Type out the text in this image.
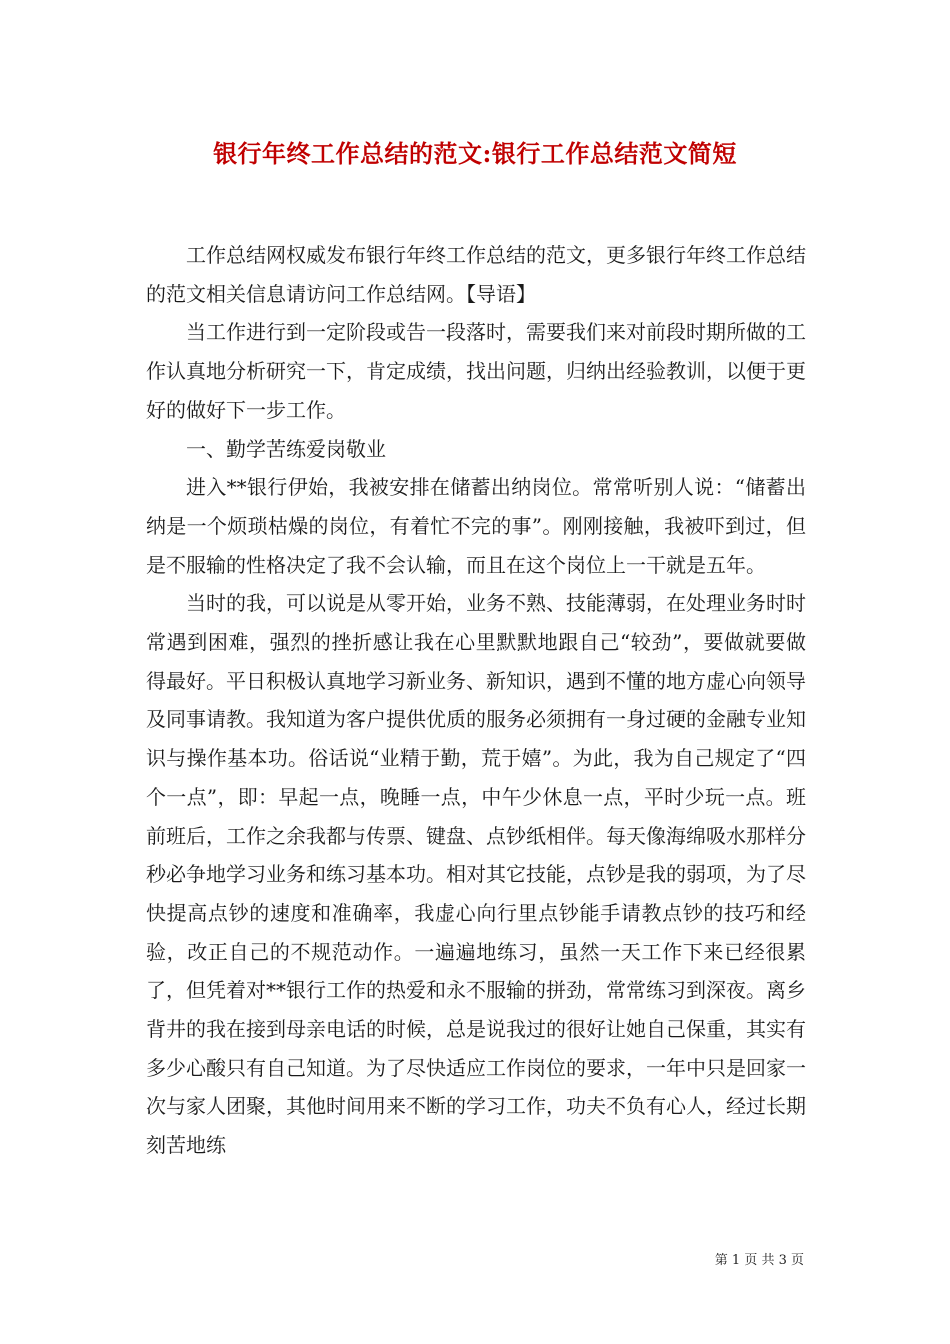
银行年终工作总结的范文:银行工作总结范文简短

工作总结网权威发布银行年终工作总结的范文，更多银行年终工作总结的范文相关信息请访问工作总结网。【导语】

当工作进行到一定阶段或告一段落时，需要我们来对前段时期所做的工作认真地分析研究一下，肯定成绩，找出问题，归纳出经验教训，以便于更好的做好下一步工作。

一、勤学苦练爱岗敬业

进入**银行伊始，我被安排在储蓄出纳岗位。常常听别人说：“储蓄出纳是一个烦琐枯燥的岗位，有着忙不完的事”。刚刚接触，我被吓到过，但是不服输的性格决定了我不会认输，而且在这个岗位上一干就是五年。

当时的我，可以说是从零开始，业务不熟、技能薄弱，在处理业务时时常遇到困难，强烈的挫折感让我在心里默默地跟自己“较劲”，要做就要做得最好。平日积极认真地学习新业务、新知识，遇到不懂的地方虚心向领导及同事请教。我知道为客户提供优质的服务必须拥有一身过硬的金融专业知识与操作基本功。俗话说“业精于勤，荒于嬉”。为此，我为自己规定了“四个一点”，即：早起一点，晚睡一点，中午少休息一点，平时少玩一点。班前班后，工作之余我都与传票、键盘、点钞纸相伴。每天像海绵吸水那样分秒必争地学习业务和练习基本功。相对其它技能，点钞是我的弱项，为了尽快提高点钞的速度和准确率，我虚心向行里点钞能手请教点钞的技巧和经验，改正自己的不规范动作。一遍遍地练习，虽然一天工作下来已经很累了，但凭着对**银行工作的热爱和永不服输的拼劲，常常练习到深夜。离乡背井的我在接到母亲电话的时候，总是说我过的很好让她自己保重，其实有多少心酸只有自己知道。为了尽快适应工作岗位的要求，一年中只是回家一次与家人团聚，其他时间用来不断的学习工作，功夫不负有心人，经过长期刻苦地练

第 1 页 共 3 页
